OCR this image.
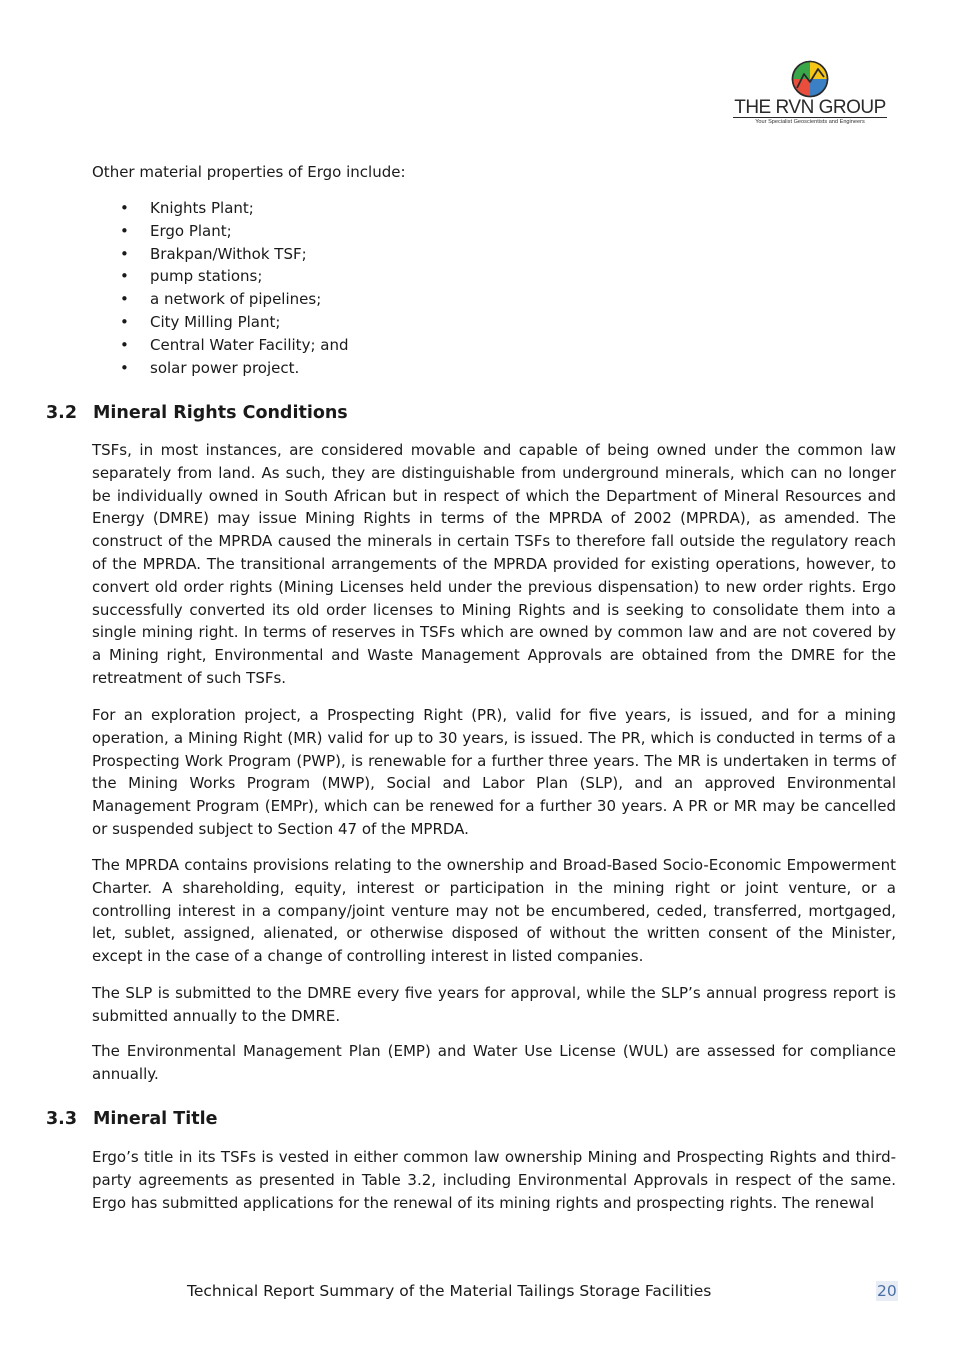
THE RVN GROUP
Your Specialist Geoscientists and Engineers
Other material properties of Ergo include:
• Knights Plant;
• Ergo Plant;
• Brakpan/Withok TSF;
• pump stations;
• a network of pipelines;
• City Milling Plant;
• Central Water Facility; and
• solar power project.
3.2 Mineral Rights Conditions

TSFs, in most instances, are considered movable and capable of being owned under the common law separately from land. As such, they are distinguishable from underground minerals, which can no longer be individually owned in South African but in respect of which the Department of Mineral Resources and Energy (DMRE) may issue Mining Rights in terms of the MPRDA of 2002 (MPRDA), as amended. The construct of the MPRDA caused the minerals in certain TSFs to therefore fall outside the regulatory reach of the MPRDA. The transitional arrangements of the MPRDA provided for existing operations, however, to convert old order rights (Mining Licenses held under the previous dispensation) to new order rights. Ergo successfully converted its old order licenses to Mining Rights and is seeking to consolidate them into a single mining right. In terms of reserves in TSFs which are owned by common law and are not covered by a Mining right, Environmental and Waste Management Approvals are obtained from the DMRE for the retreatment of such TSFs.

For an exploration project, a Prospecting Right (PR), valid for five years, is issued, and for a mining operation, a Mining Right (MR) valid for up to 30 years, is issued. The PR, which is conducted in terms of a Prospecting Work Program (PWP), is renewable for a further three years. The MR is undertaken in terms of the Mining Works Program (MWP), Social and Labor Plan (SLP), and an approved Environmental Management Program (EMPr), which can be renewed for a further 30 years. A PR or MR may be cancelled or suspended subject to Section 47 of the MPRDA.

The MPRDA contains provisions relating to the ownership and Broad-Based Socio-Economic Empowerment Charter. A shareholding, equity, interest or participation in the mining right or joint venture, or a controlling interest in a company/joint venture may not be encumbered, ceded, transferred, mortgaged, let, sublet, assigned, alienated, or otherwise disposed of without the written consent of the Minister, except in the case of a change of controlling interest in listed companies.

The SLP is submitted to the DMRE every five years for approval, while the SLP’s annual progress report is submitted annually to the DMRE.

The Environmental Management Plan (EMP) and Water Use License (WUL) are assessed for compliance annually.

3.3 Mineral Title

Ergo’s title in its TSFs is vested in either common law ownership Mining and Prospecting Rights and third-party agreements as presented in Table 3.2, including Environmental Approvals in respect of the same. Ergo has submitted applications for the renewal of its mining rights and prospecting rights. The renewal

Technical Report Summary of the Material Tailings Storage Facilities	20
